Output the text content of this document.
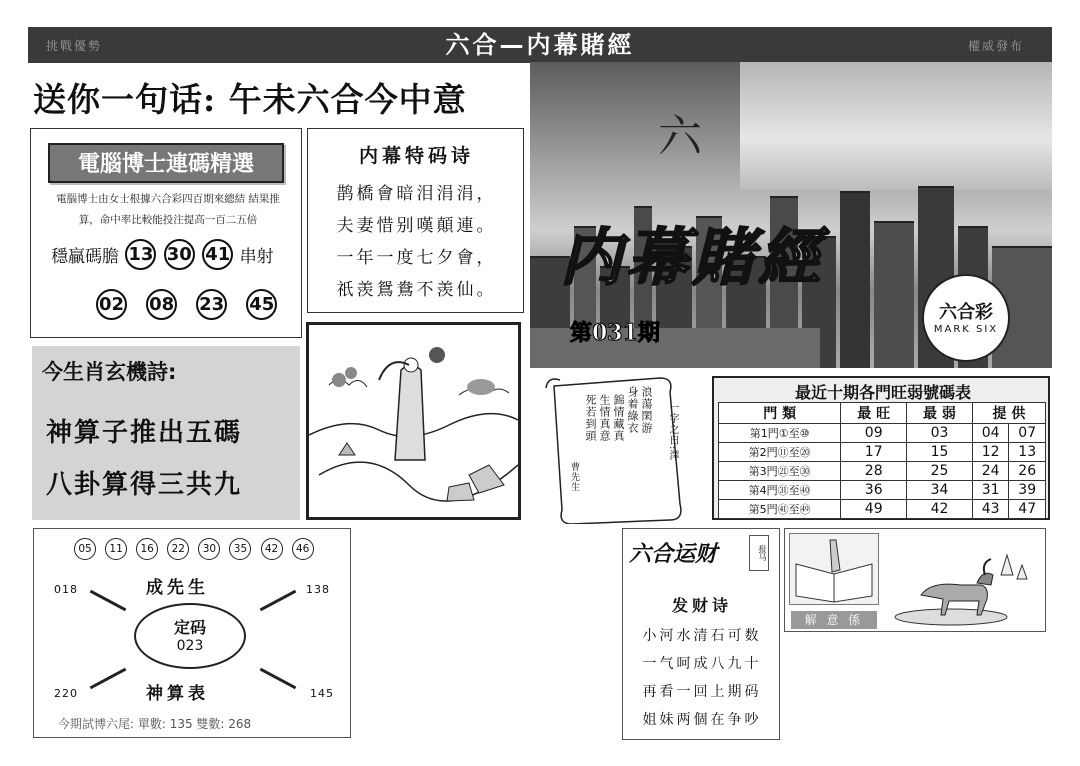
挑戰優勢	六合—内幕賭經	權威發布
送你一句话: 午未六合今中意
電腦博士連碼精選
電腦博士由女士根據六合彩四百期來總結 結果推算，命中率比較能投注提高一百二五倍
穩贏碼膽 13 30 41 串射
02 08 23 45
内幕特码诗
鹊橋會暗泪涓涓，
夫妻惜别嘆顛連。
一年一度七夕會，
祇羡鴛鴦不羡仙。
六
内幕賭經
第031期
六合彩
MARK SIX
今生肖玄機詩:
神算子推出五碼
八卦算得三共九
浪蕩閑游
身着綠衣
錦情藏真
生情真意
死若到頭	一字之曰:澤
曹先生
最近十期各門旺弱號碼表
門 類	最 旺	最 弱	提 供	
第1門①至⑩	09	03	04	07
第2門⑪至⑳	17	15	12	13
第3門㉑至㉚	28	25	24	26
第4門㉛至㊵	36	34	31	39
第5門㊶至㊾	49	42	43	47
05 11 16 22 30 35 42 46
018	138
220	145
成先生
神算表
定码
023
今期試博六尾: 單數: 135 雙數: 268
六合运财	报马
发财诗
小河水清石可数
一气呵成八九十
再看一回上期码
姐妹两個在争吵
解 意 係
